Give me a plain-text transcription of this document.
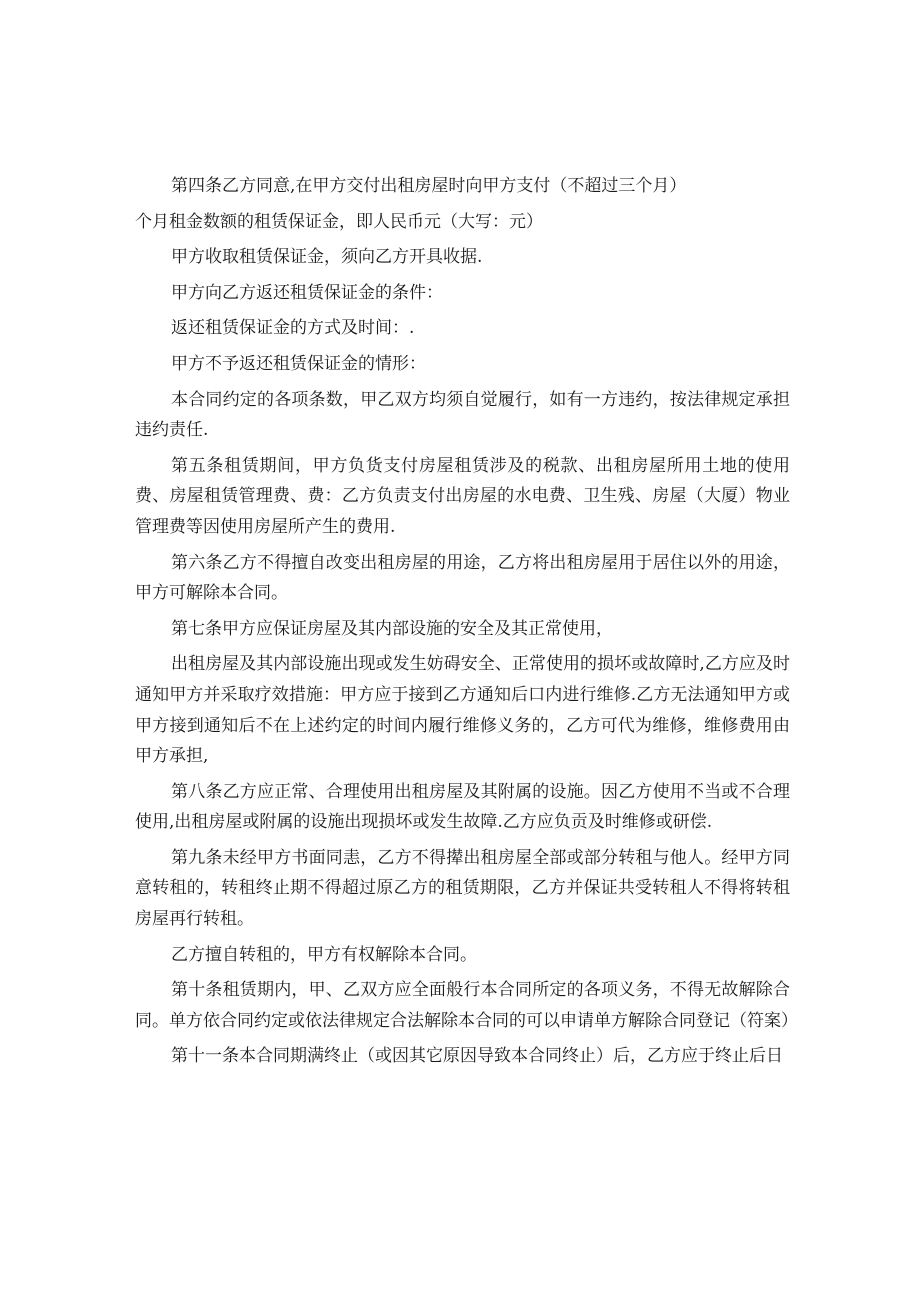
第四条乙方同意,在甲方交付出租房屋时向甲方支付（不超过三个月）

个月租金数额的租赁保证金，即人民币元（大写：元）

甲方收取租赁保证金，须向乙方开具收据.

甲方向乙方返还租赁保证金的条件：

返还租赁保证金的方式及时间：.

甲方不予返还租赁保证金的情形：

本合同约定的各项条数，甲乙双方均须自觉履行，如有一方违约，按法律规定承担违约责任.

第五条租赁期间，甲方负货支付房屋租赁涉及的税款、出租房屋所用土地的使用费、房屋租赁管理费、费：乙方负责支付出房屋的水电费、卫生残、房屋（大厦）物业管理费等因使用房屋所产生的费用.

第六条乙方不得擅自改变出租房屋的用途，乙方将出租房屋用于居住以外的用途，甲方可解除本合同。

第七条甲方应保证房屋及其内部设施的安全及其正常使用，

出租房屋及其内部设施出现或发生妨碍安全、正常使用的损坏或故障时,乙方应及时通知甲方并采取疗效措施：甲方应于接到乙方通知后口内进行维修.乙方无法通知甲方或甲方接到通知后不在上述约定的时间内履行维修义务的，乙方可代为维修，维修费用由甲方承担,

第八条乙方应正常、合理使用出租房屋及其附属的设施。因乙方使用不当或不合理使用,出租房屋或附属的设施出现损坏或发生故障.乙方应负贡及时维修或研偿.

第九条未经甲方书面同恚，乙方不得撵出租房屋全部或部分转租与他人。经甲方同意转租的，转租终止期不得超过原乙方的租赁期限，乙方并保证共受转租人不得将转租房屋再行转租。

乙方擅自转租的，甲方有权解除本合同。

第十条租赁期内，甲、乙双方应全面般行本合同所定的各项义务，不得无故解除合同。单方依合同约定或依法律规定合法解除本合同的可以申请单方解除合同登记（符案）

第十一条本合同期满终止（或因其它原因导致本合同终止）后，乙方应于终止后日
